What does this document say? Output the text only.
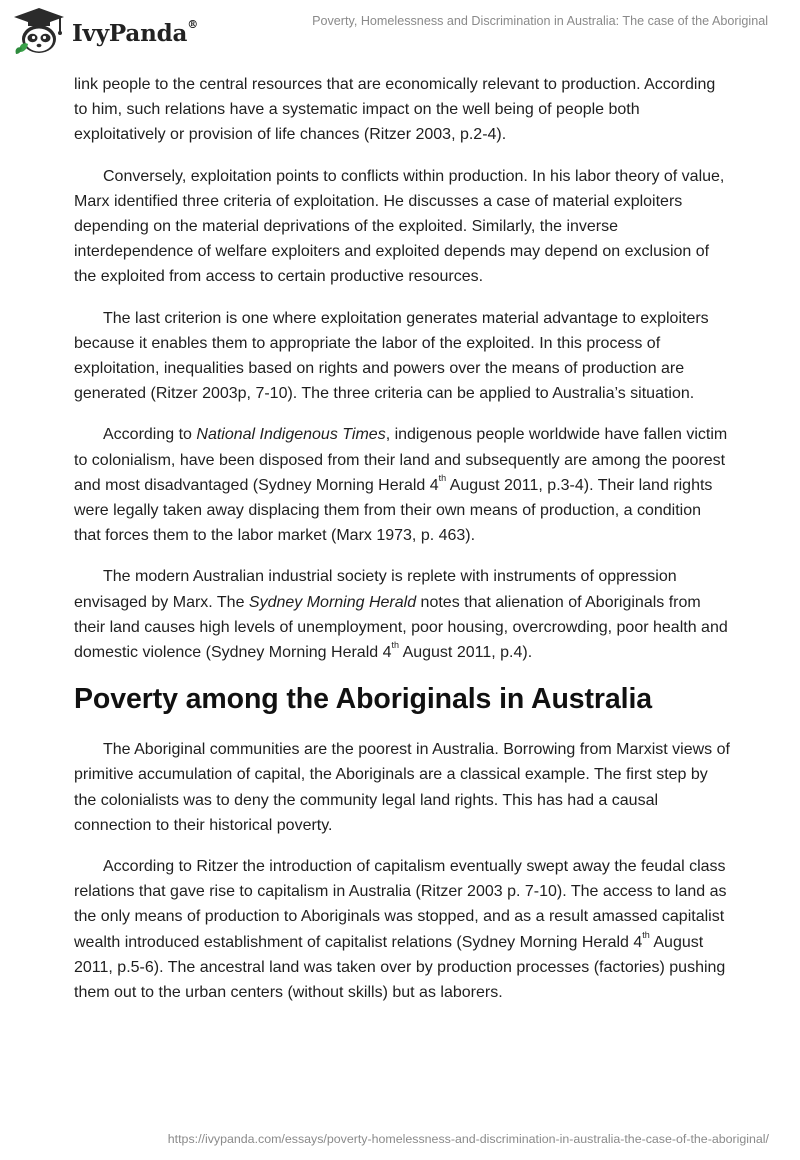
IvyPanda®	Poverty, Homelessness and Discrimination in Australia: The case of the Aboriginal

link people to the central resources that are economically relevant to production. According to him, such relations have a systematic impact on the well being of people both exploitatively or provision of life chances (Ritzer 2003, p.2-4).

Conversely, exploitation points to conflicts within production. In his labor theory of value, Marx identified three criteria of exploitation. He discusses a case of material exploiters depending on the material deprivations of the exploited. Similarly, the inverse interdependence of welfare exploiters and exploited depends may depend on exclusion of the exploited from access to certain productive resources.

The last criterion is one where exploitation generates material advantage to exploiters because it enables them to appropriate the labor of the exploited. In this process of exploitation, inequalities based on rights and powers over the means of production are generated (Ritzer 2003p, 7-10). The three criteria can be applied to Australia’s situation.

According to National Indigenous Times, indigenous people worldwide have fallen victim to colonialism, have been disposed from their land and subsequently are among the poorest and most disadvantaged (Sydney Morning Herald 4th August 2011, p.3-4). Their land rights were legally taken away displacing them from their own means of production, a condition that forces them to the labor market (Marx 1973, p. 463).

The modern Australian industrial society is replete with instruments of oppression envisaged by Marx. The Sydney Morning Herald notes that alienation of Aboriginals from their land causes high levels of unemployment, poor housing, overcrowding, poor health and domestic violence (Sydney Morning Herald 4th August 2011, p.4).

Poverty among the Aboriginals in Australia

The Aboriginal communities are the poorest in Australia. Borrowing from Marxist views of primitive accumulation of capital, the Aboriginals are a classical example. The first step by the colonialists was to deny the community legal land rights. This has had a causal connection to their historical poverty.

According to Ritzer the introduction of capitalism eventually swept away the feudal class relations that gave rise to capitalism in Australia (Ritzer 2003 p. 7-10). The access to land as the only means of production to Aboriginals was stopped, and as a result amassed capitalist wealth introduced establishment of capitalist relations (Sydney Morning Herald 4th August 2011, p.5-6). The ancestral land was taken over by production processes (factories) pushing them out to the urban centers (without skills) but as laborers.

https://ivypanda.com/essays/poverty-homelessness-and-discrimination-in-australia-the-case-of-the-aboriginal/
